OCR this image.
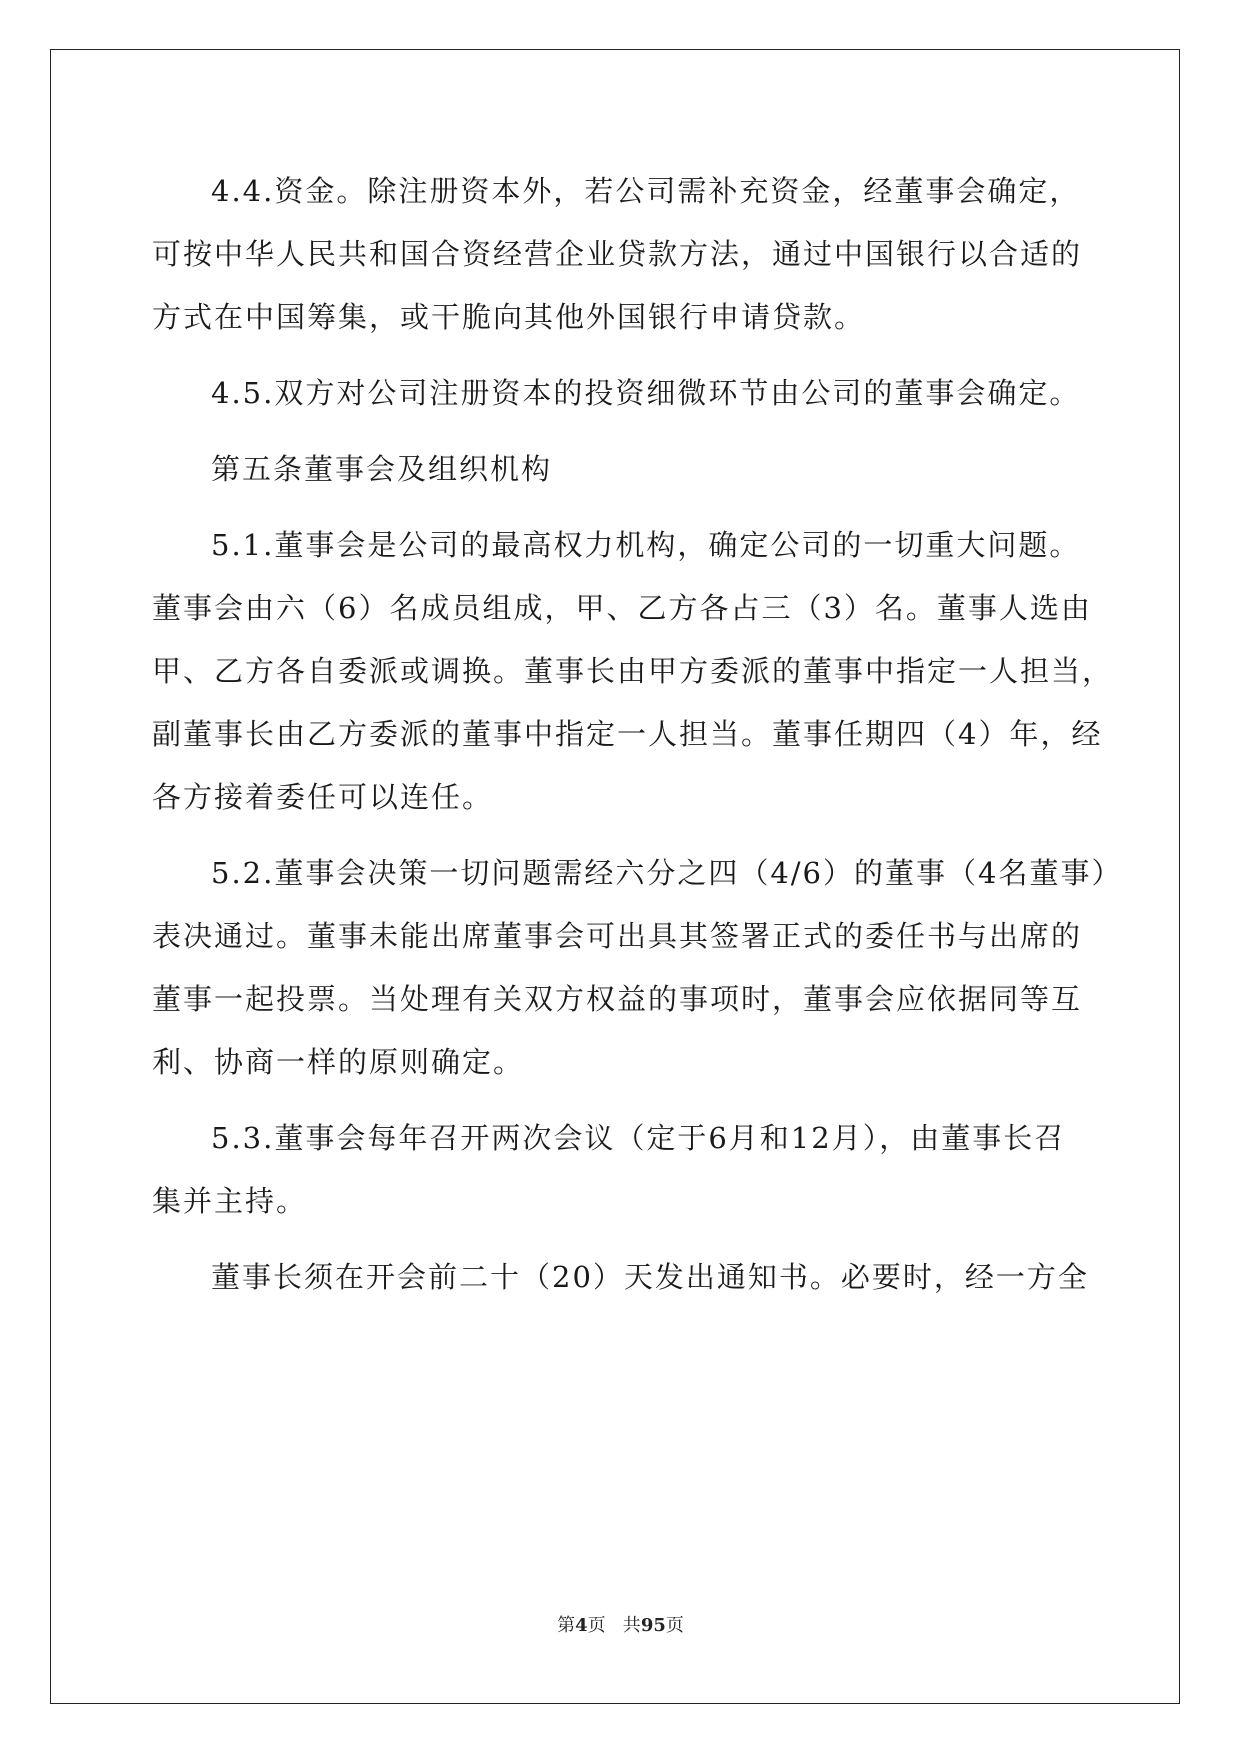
4.4.资金。除注册资本外，若公司需补充资金，经董事会确定，
可按中华人民共和国合资经营企业贷款方法，通过中国银行以合适的
方式在中国筹集，或干脆向其他外国银行申请贷款。
4.5.双方对公司注册资本的投资细微环节由公司的董事会确定。
第五条董事会及组织机构
5.1.董事会是公司的最高权力机构，确定公司的一切重大问题。
董事会由六（6）名成员组成，甲、乙方各占三（3）名。董事人选由
甲、乙方各自委派或调换。董事长由甲方委派的董事中指定一人担当，
副董事长由乙方委派的董事中指定一人担当。董事任期四（4）年，经
各方接着委任可以连任。
5.2.董事会决策一切问题需经六分之四（4/6）的董事（4名董事）
表决通过。董事未能出席董事会可出具其签署正式的委任书与出席的
董事一起投票。当处理有关双方权益的事项时，董事会应依据同等互
利、协商一样的原则确定。
5.3.董事会每年召开两次会议（定于6月和12月），由董事长召
集并主持。
董事长须在开会前二十（20）天发出通知书。必要时，经一方全
第4页   共95页
